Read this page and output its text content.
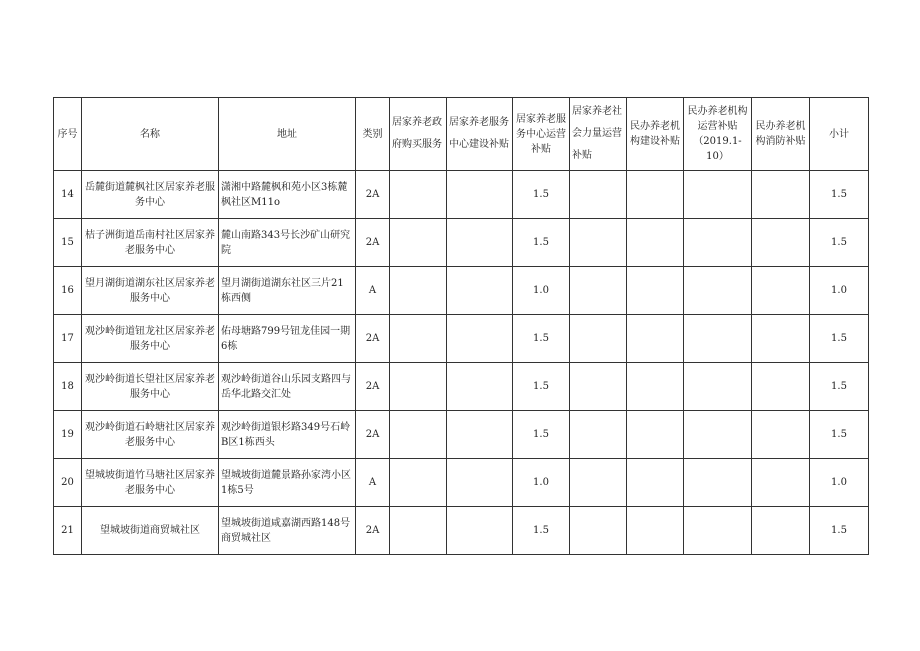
序号	名称	地址	类别	居家养老政府购买服务	居家养老服务中心建设补贴	居家养老服务中心运营补贴	居家养老社会力量运营补贴	民办养老机构建设补贴	民办养老机构运营补贴（2019.1-10）	民办养老机构消防补贴	小计
14	岳麓街道麓枫社区居家养老服务中心	潇湘中路麓枫和苑小区3栋麓枫社区M11o	2A			1.5					1.5
15	桔子洲街道岳南村社区居家养老服务中心	麓山南路343号长沙矿山研究院	2A			1.5					1.5
16	望月湖街道湖东社区居家养老服务中心	望月湖街道湖东社区三片21栋西侧	A			1.0					1.0
17	观沙岭街道钮龙社区居家养老服务中心	佑母塘路799号钮龙佳园一期6栋	2A			1.5					1.5
18	观沙岭街道长望社区居家养老服务中心	观沙岭街道谷山乐园支路四与岳华北路交汇处	2A			1.5					1.5
19	观沙岭街道石岭塘社区居家养老服务中心	观沙岭街道银杉路349号石岭B区1栋西头	2A			1.5					1.5
20	望城坡街道竹马塘社区居家养老服务中心	望城坡街道麓景路孙家湾小区1栋5号	A			1.0					1.0
21	望城坡街道商贸城社区	望城坡街道咸嘉湖西路148号商贸城社区	2A			1.5					1.5
